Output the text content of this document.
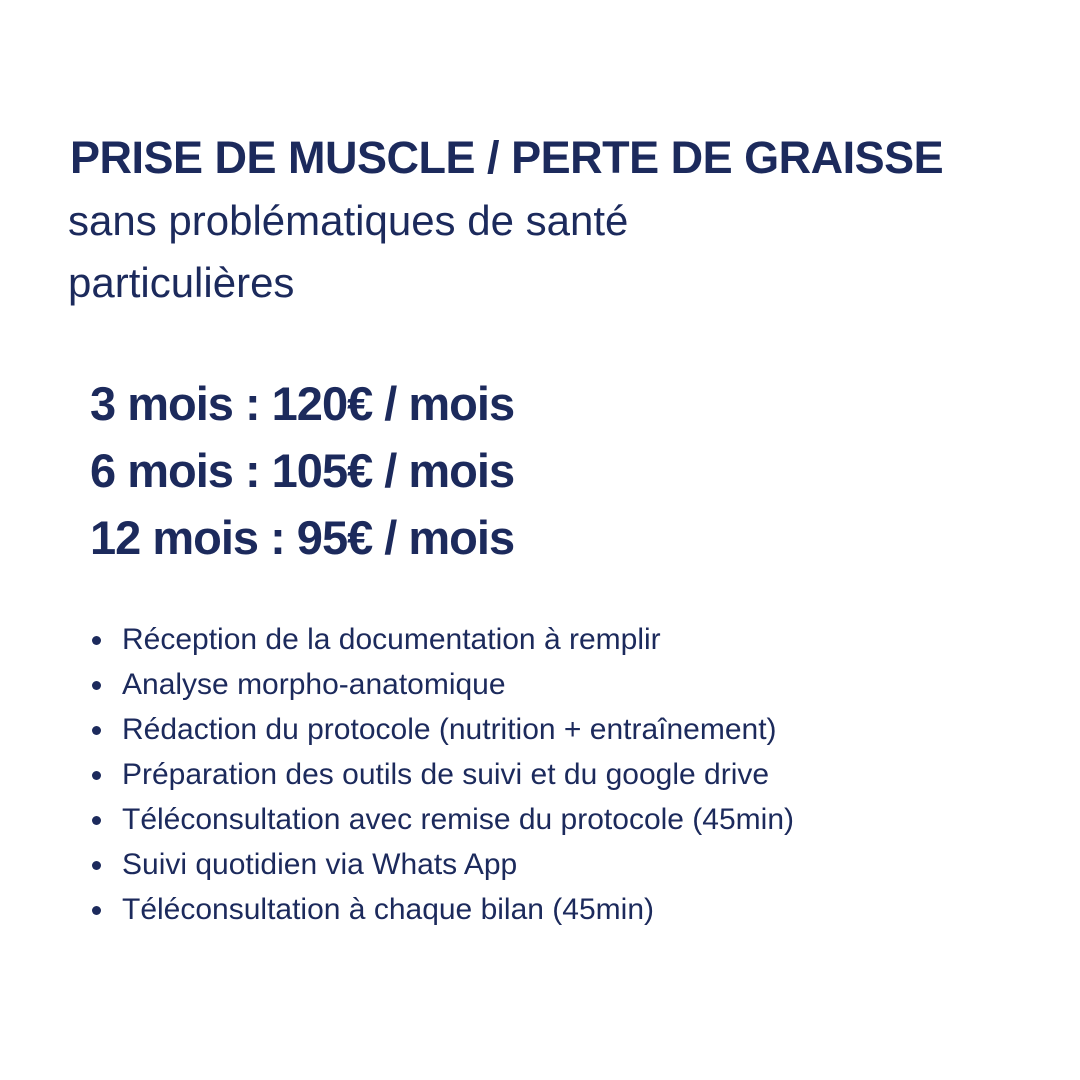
PRISE DE MUSCLE / PERTE DE GRAISSE
sans problématiques de santé particulières
3 mois : 120€ / mois
6 mois : 105€ / mois
12 mois : 95€ / mois
Réception de la documentation à remplir
Analyse morpho-anatomique
Rédaction du protocole (nutrition + entraînement)
Préparation des outils de suivi et du google drive
Téléconsultation avec remise du protocole (45min)
Suivi quotidien via Whats App
Téléconsultation à chaque bilan (45min)
